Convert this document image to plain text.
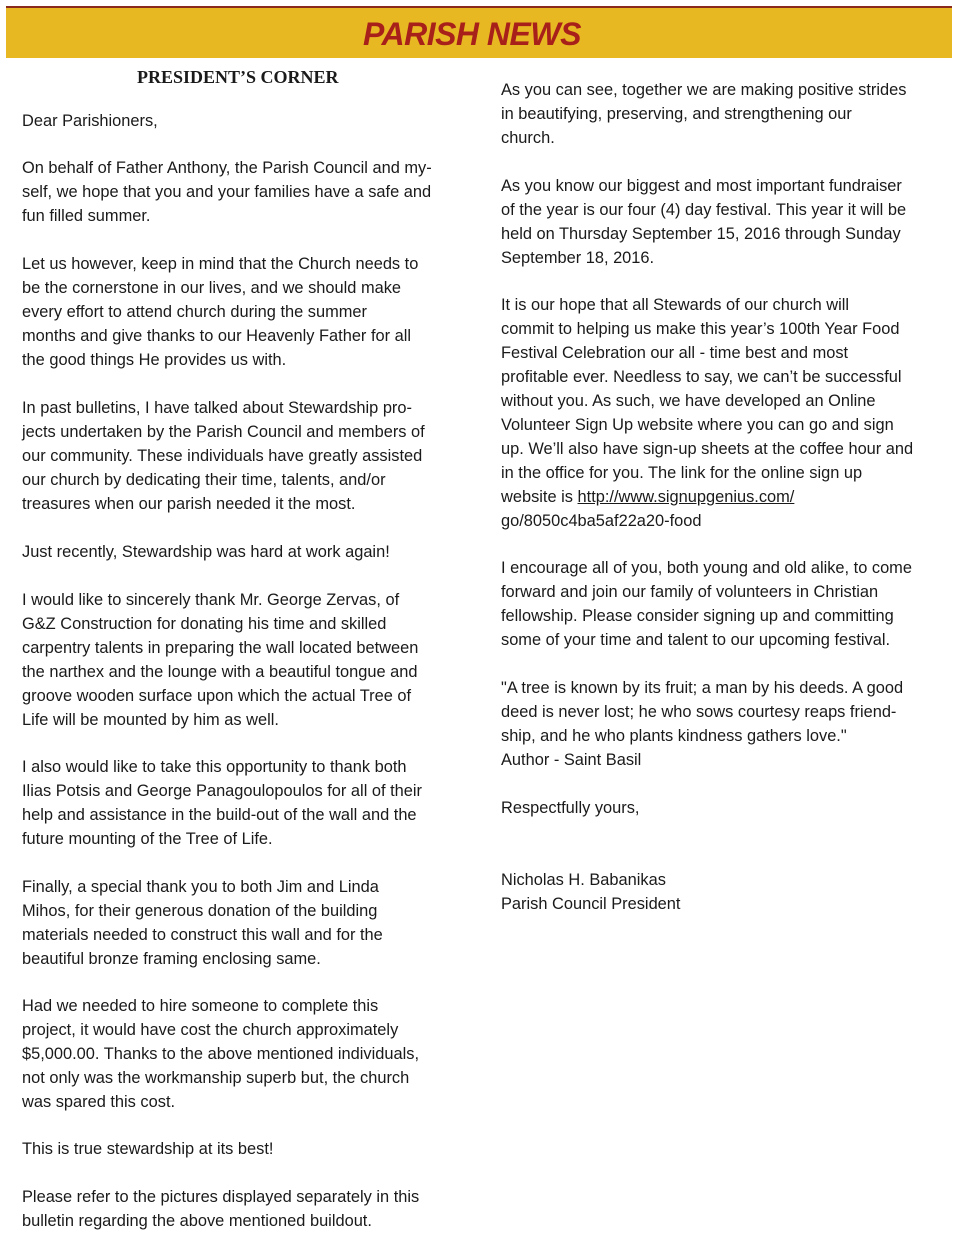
PARISH NEWS
PRESIDENT’S CORNER

Dear Parishioners,

On behalf of Father Anthony, the Parish Council and my-
self, we hope that you and your families have a safe and
fun filled summer.
Let us however, keep in mind that the Church needs to
be the cornerstone in our lives, and we should make
every effort to attend church during the summer
months and give thanks to our Heavenly Father for all
the good things He provides us with.
In past bulletins, I have talked about Stewardship pro-
jects undertaken by the Parish Council and members of
our community. These individuals have greatly assisted
our church by dedicating their time, talents, and/or
treasures when our parish needed it the most.
Just recently, Stewardship was hard at work again!
I would like to sincerely thank Mr. George Zervas, of
G&Z Construction for donating his time and skilled
carpentry talents in preparing the wall located between
the narthex and the lounge with a beautiful tongue and
groove wooden surface upon which the actual Tree of
Life will be mounted by him as well.
I also would like to take this opportunity to thank both
Ilias Potsis and George Panagoulopoulos for all of their
help and assistance in the build-out of the wall and the
future mounting of the Tree of Life.
Finally, a special thank you to both Jim and Linda
Mihos, for their generous donation of the building
materials needed to construct this wall and for the
beautiful bronze framing enclosing same.
Had we needed to hire someone to complete this
project, it would have cost the church approximately
$5,000.00. Thanks to the above mentioned individuals,
not only was the workmanship superb but, the church
was spared this cost.
This is true stewardship at its best!
Please refer to the pictures displayed separately in this
bulletin regarding the above mentioned buildout.
As you can see, together we are making positive strides
in beautifying, preserving, and strengthening our
church.
As you know our biggest and most important fundraiser
of the year is our four (4) day festival. This year it will be
held on Thursday September 15, 2016 through Sunday
September 18, 2016.
It is our hope that all Stewards of our church will
commit to helping us make this year’s 100th Year Food
Festival Celebration our all - time best and most
profitable ever. Needless to say, we can’t be successful
without you. As such, we have developed an Online
Volunteer Sign Up website where you can go and sign
up. We’ll also have sign-up sheets at the coffee hour and
in the office for you. The link for the online sign up
website is http://www.signupgenius.com/
go/8050c4ba5af22a20-food
I encourage all of you, both young and old alike, to come
forward and join our family of volunteers in Christian
fellowship. Please consider signing up and committing
some of your time and talent to our upcoming festival.
"A tree is known by its fruit; a man by his deeds. A good
deed is never lost; he who sows courtesy reaps friend-
ship, and he who plants kindness gathers love."
Author - Saint Basil
Respectfully yours,
Nicholas H. Babanikas
Parish Council President
